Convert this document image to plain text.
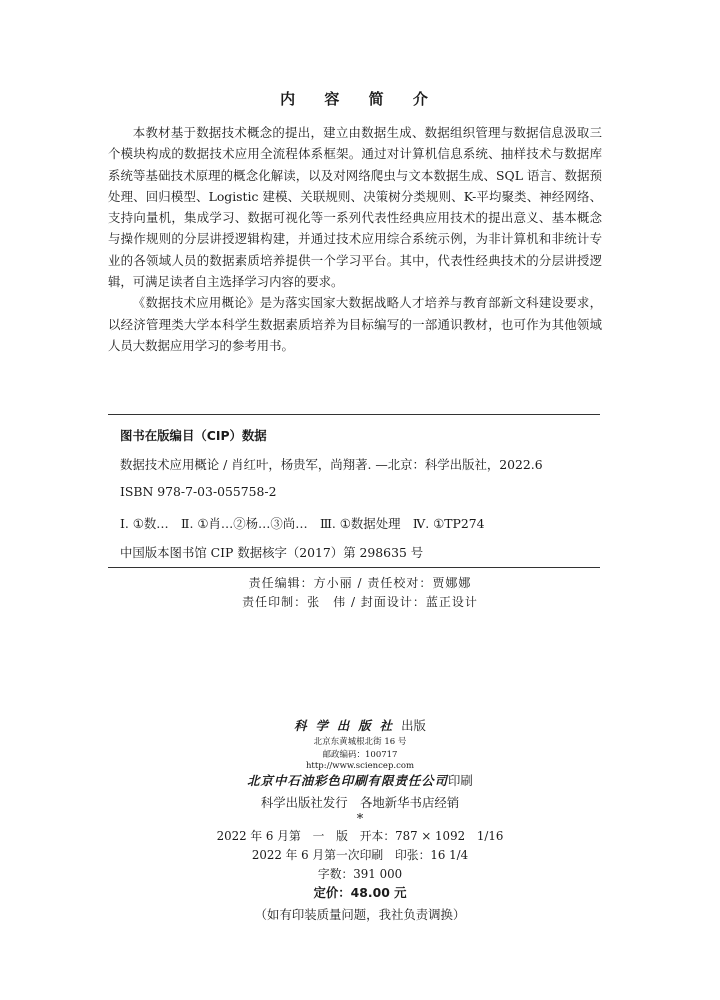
内 容 简 介

本教材基于数据技术概念的提出，建立由数据生成、数据组织管理与数据信息汲取三个模块构成的数据技术应用全流程体系框架。通过对计算机信息系统、抽样技术与数据库系统等基础技术原理的概念化解读，以及对网络爬虫与文本数据生成、SQL 语言、数据预处理、回归模型、Logistic 建模、关联规则、决策树分类规则、K-平均聚类、神经网络、支持向量机，集成学习、数据可视化等一系列代表性经典应用技术的提出意义、基本概念与操作规则的分层讲授逻辑构建，并通过技术应用综合系统示例，为非计算机和非统计专业的各领域人员的数据素质培养提供一个学习平台。其中，代表性经典技术的分层讲授逻辑，可满足读者自主选择学习内容的要求。

《数据技术应用概论》是为落实国家大数据战略人才培养与教育部新文科建设要求，以经济管理类大学本科学生数据素质培养为目标编写的一部通识教材，也可作为其他领域人员大数据应用学习的参考用书。

图书在版编目（CIP）数据
数据技术应用概论 / 肖红叶，杨贵军，尚翔著. —北京：科学出版社，2022.6
ISBN 978-7-03-055758-2
Ⅰ. ①数…　Ⅱ. ①肖…②杨…③尚…　Ⅲ. ①数据处理　Ⅳ. ①TP274
中国版本图书馆 CIP 数据核字（2017）第 298635 号
责任编辑：方小丽 / 责任校对：贾娜娜
责任印制：张　伟 / 封面设计：蓝正设计
科学出版社出版
北京东黄城根北街 16 号
邮政编码：100717
http://www.sciencep.com
北京中石油彩色印刷有限责任公司印刷
科学出版社发行　各地新华书店经销
*
2022 年 6 月第　一　版　开本：787 × 1092　1/16
2022 年 6 月第一次印刷　印张：16 1/4
字数：391 000
定价：48.00 元
（如有印装质量问题，我社负责调换）
